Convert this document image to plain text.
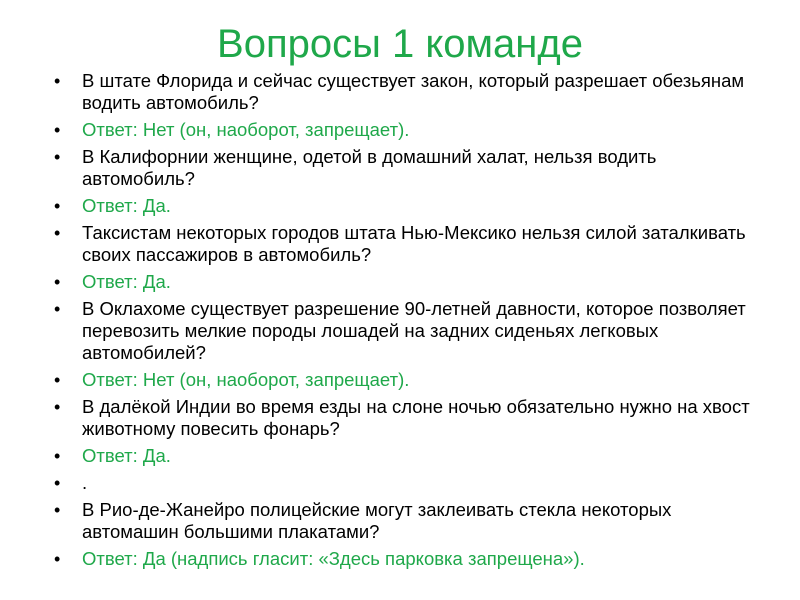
Вопросы 1 команде
• В штате Флорида и сейчас существует закон, который разрешает обезьянам водить автомобиль?
• Ответ: Нет (он, наоборот, запрещает).
• В Калифорнии женщине, одетой в домашний халат, нельзя водить автомобиль?
• Ответ: Да.
• Таксистам некоторых городов штата Нью-Мексико нельзя силой заталкивать своих пассажиров в автомобиль?
• Ответ: Да.
• В Оклахоме существует разрешение 90-летней давности, которое позволяет перевозить мелкие породы лошадей на задних сиденьях легковых автомобилей?
• Ответ: Нет (он, наоборот, запрещает).
• В далёкой Индии во время езды на слоне ночью обязательно нужно на хвост животному повесить фонарь?
• Ответ: Да.
• .
• В Рио-де-Жанейро полицейские могут заклеивать стекла некоторых автомашин большими плакатами?
• Ответ: Да (надпись гласит: «Здесь парковка запрещена»).
